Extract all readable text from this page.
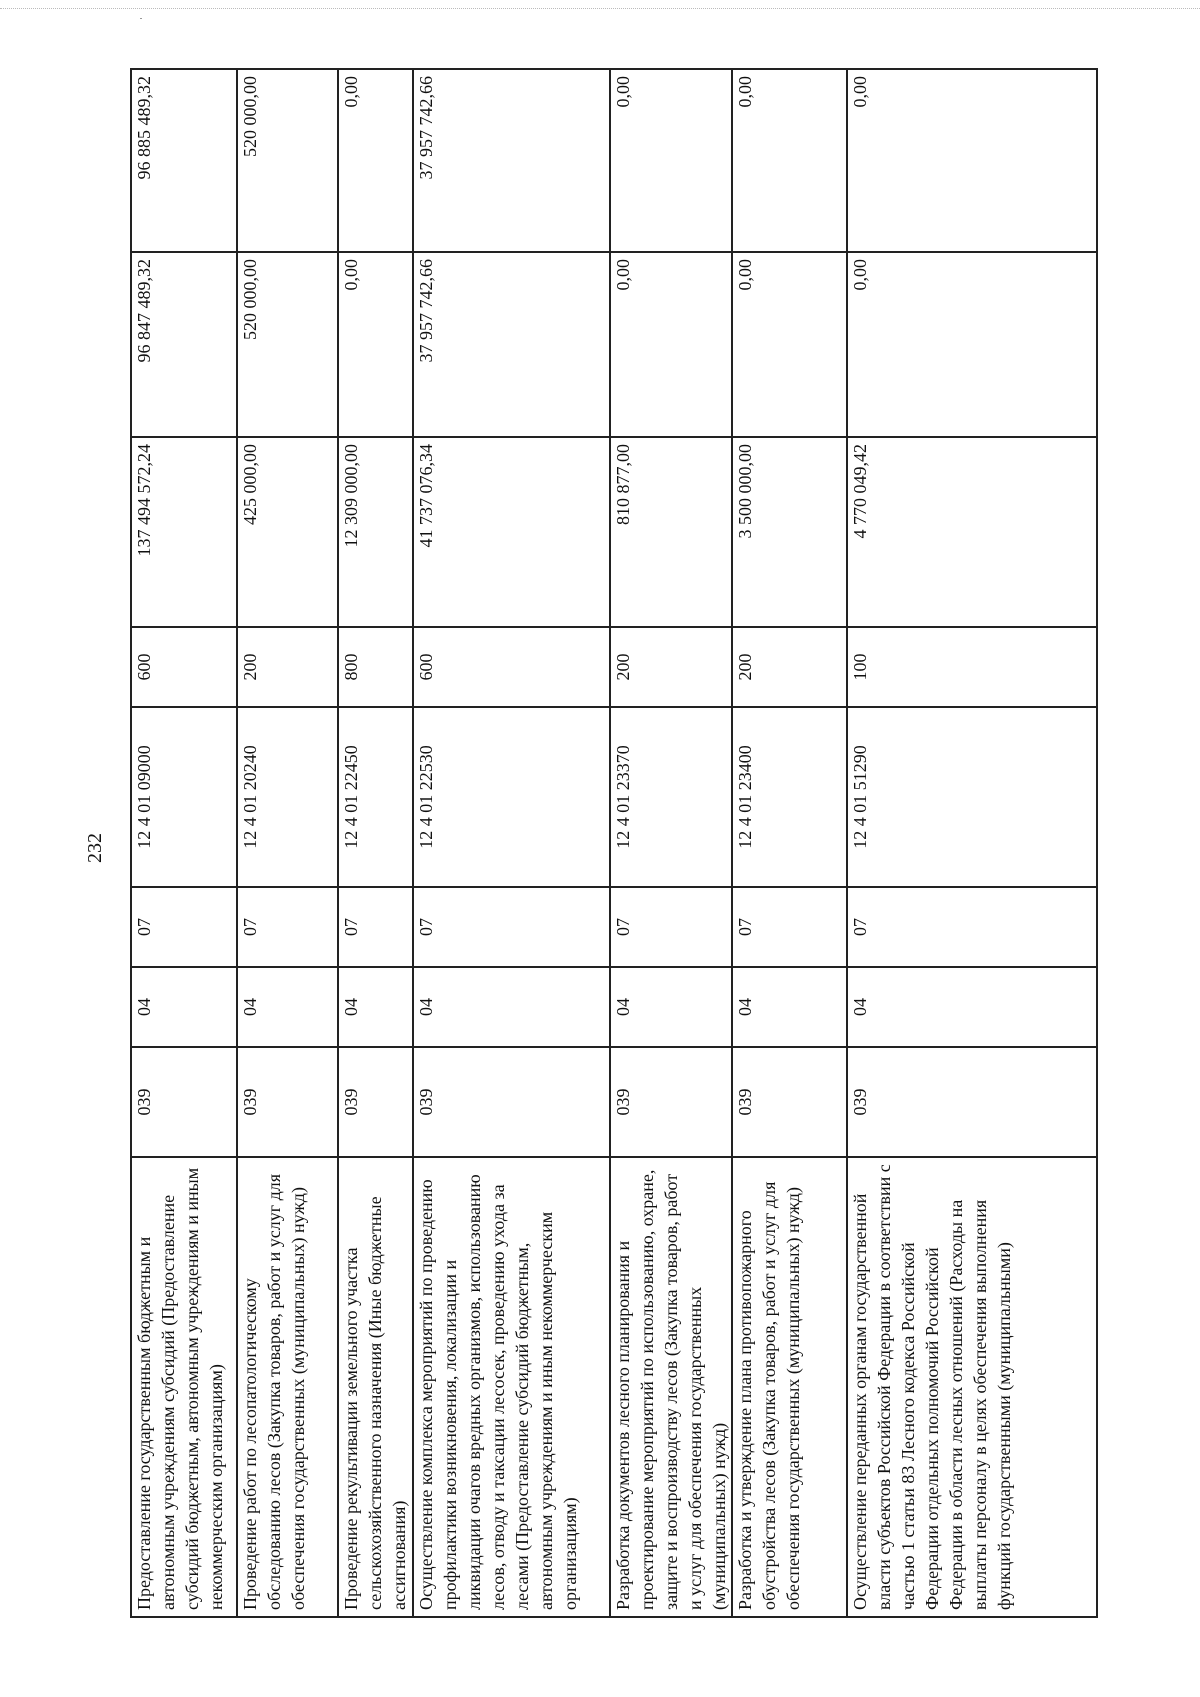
232
Предоставление государственным бюджетным и автономным учреждениям субсидий (Предоставление субсидий бюджетным, автономным учреждениям и иным некоммерческим организациям)	039	04	07	12 4 01 09000	600	137 494 572,24	96 847 489,32	96 885 489,32
Проведение работ по лесопатологическому обследованию лесов (Закупка товаров, работ и услуг для обеспечения государственных (муниципальных) нужд)	039	04	07	12 4 01 20240	200	425 000,00	520 000,00	520 000,00
Проведение рекультивации земельного участка сельскохозяйственного назначения (Иные бюджетные ассигнования)	039	04	07	12 4 01 22450	800	12 309 000,00	0,00	0,00
Осуществление комплекса мероприятий по проведению профилактики возникновения, локализации и ликвидации очагов вредных организмов, использованию лесов, отводу и таксации лесосек, проведению ухода за лесами (Предоставление субсидий бюджетным, автономным учреждениям и иным некоммерческим организациям)	039	04	07	12 4 01 22530	600	41 737 076,34	37 957 742,66	37 957 742,66
Разработка документов лесного планирования и проектирование мероприятий по использованию, охране, защите и воспроизводству лесов (Закупка товаров, работ и услуг для обеспечения государственных (муниципальных) нужд)	039	04	07	12 4 01 23370	200	810 877,00	0,00	0,00
Разработка и утверждение плана противопожарного обустройства лесов (Закупка товаров, работ и услуг для обеспечения государственных (муниципальных) нужд)	039	04	07	12 4 01 23400	200	3 500 000,00	0,00	0,00
Осуществление переданных органам государственной власти субъектов Российской Федерации в соответствии с частью 1 статьи 83 Лесного кодекса Российской Федерации отдельных полномочий Российской Федерации в области лесных отношений (Расходы на выплаты персоналу в целях обеспечения выполнения функций государственными (муниципальными)	039	04	07	12 4 01 51290	100	4 770 049,42	0,00	0,00
